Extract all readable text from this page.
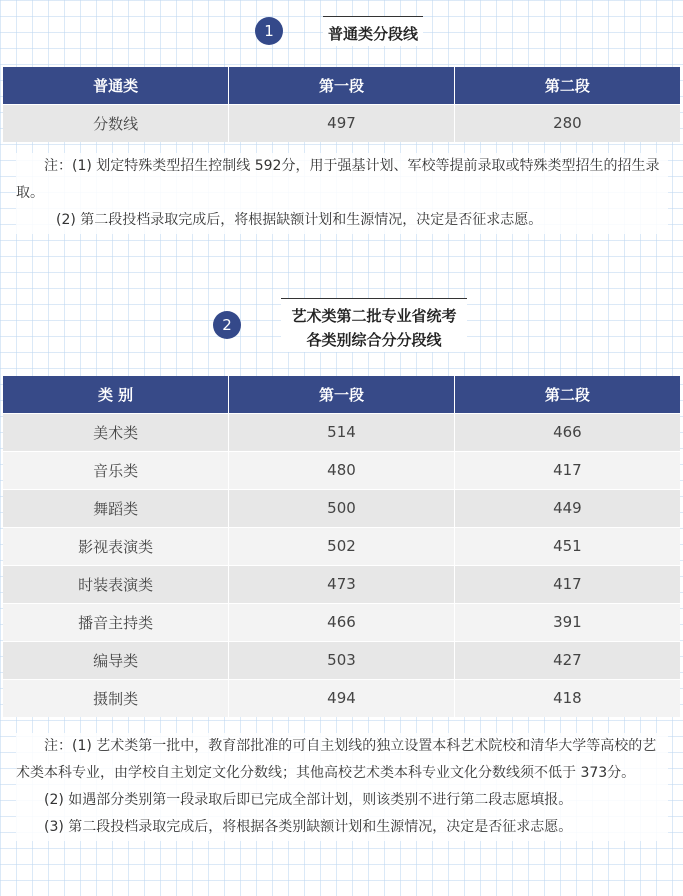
1	普通类分段线
普通类	第一段	第二段
分数线	497	280

注：(1) 划定特殊类型招生控制线 592分，用于强基计划、军校等提前录取或特殊类型招生的招生录取。

(2) 第二段投档录取完成后，将根据缺额计划和生源情况，决定是否征求志愿。

2	艺术类第二批专业省统考
各类别综合分分段线
类 别	第一段	第二段
美术类	514	466
音乐类	480	417
舞蹈类	500	449
影视表演类	502	451
时装表演类	473	417
播音主持类	466	391
编导类	503	427
摄制类	494	418

注：(1) 艺术类第一批中，教育部批准的可自主划线的独立设置本科艺术院校和清华大学等高校的艺术类本科专业，由学校自主划定文化分数线；其他高校艺术类本科专业文化分数线须不低于 373分。

(2) 如遇部分类别第一段录取后即已完成全部计划，则该类别不进行第二段志愿填报。

(3) 第二段投档录取完成后，将根据各类别缺额计划和生源情况，决定是否征求志愿。
